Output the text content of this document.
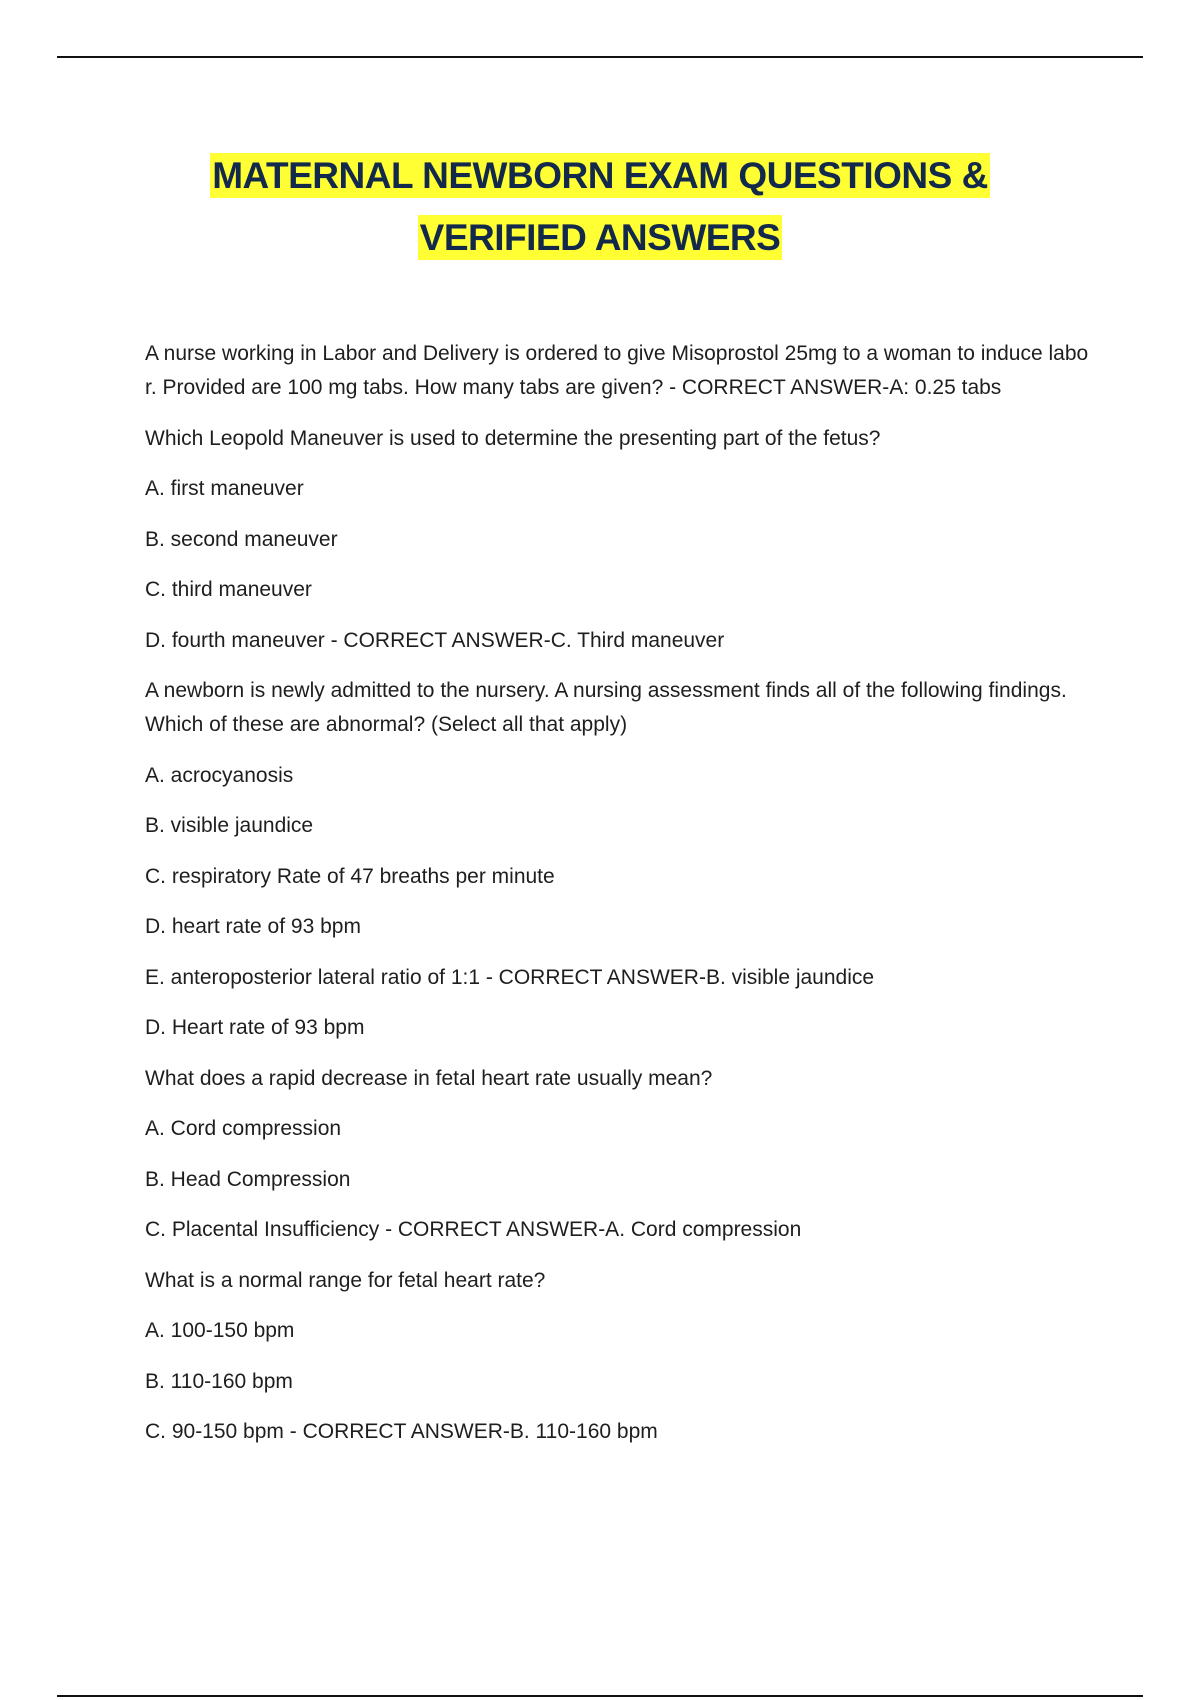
MATERNAL NEWBORN EXAM QUESTIONS &
VERIFIED ANSWERS

A nurse working in Labor and Delivery is ordered to give Misoprostol 25mg to a woman to induce labor. Provided are 100 mg tabs. How many tabs are given? - CORRECT ANSWER-A: 0.25 tabs

Which Leopold Maneuver is used to determine the presenting part of the fetus?

A. first maneuver

B. second maneuver

C. third maneuver

D. fourth maneuver - CORRECT ANSWER-C. Third maneuver

A newborn is newly admitted to the nursery. A nursing assessment finds all of the following findings. Which of these are abnormal? (Select all that apply)

A. acrocyanosis

B. visible jaundice

C. respiratory Rate of 47 breaths per minute

D. heart rate of 93 bpm

E. anteroposterior lateral ratio of 1:1 - CORRECT ANSWER-B. visible jaundice

D. Heart rate of 93 bpm

What does a rapid decrease in fetal heart rate usually mean?

A. Cord compression

B. Head Compression

C. Placental Insufficiency - CORRECT ANSWER-A. Cord compression

What is a normal range for fetal heart rate?

A. 100-150 bpm

B. 110-160 bpm

C. 90-150 bpm - CORRECT ANSWER-B. 110-160 bpm
